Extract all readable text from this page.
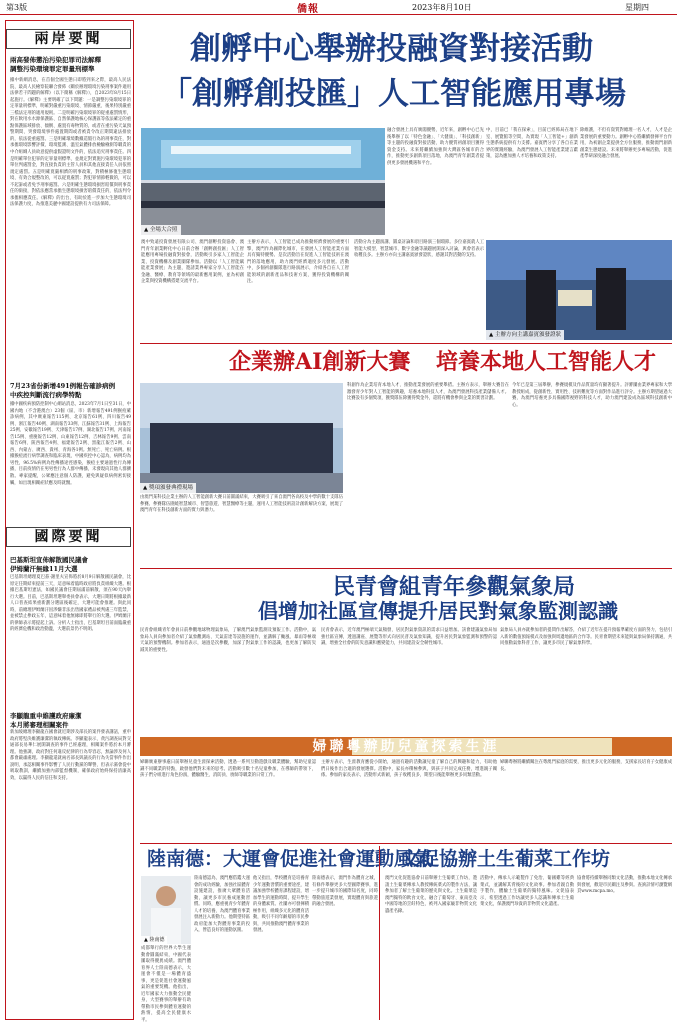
第3版	僑報	2023年8月10日	星期四
兩岸要聞
兩高發佈懲治污染犯罪司法解釋
調整污染環境罪定罪量刑標準
據中新網消息，在首個全國生態日即將到來之際，最高人民法院、最高人民檢察院聯合發佈《關於辦理環境污染刑事案件適用法律若干問題的解釋》（以下簡稱《解釋》），自2023年8月15日起施行。《解釋》主要明確了以下問題：一是調整污染環境罪的定罪量刑標準，明確對嚴重污染環境、情節嚴重、後果特別嚴重三檔法定刑的適用規則。二是明確污染環境罪的從重處罰情形，對在飲用水水源保護區、自然保護地核心保護區等依法確定的重點保護區域排放、傾倒、處置有毒物質的，或者在重污染天氣預警期間、突發環境事件處置期間或者被責令改正期間違法排放的，依法從重處罰。三是明確環境數據造假行為的刑事責任，對承擔環境影響評價、環境監測、溫室氣體排放檢驗檢測等職責的中介組織人員故意提供虛假證明文件的，依法追究刑事責任。四是明確單位犯罪的定罪量刑標準，並規定對實施污染環境犯罪的單位判處罰金，對直接負責的主管人員和其他直接責任人員依照規定處罰。五是明確寬嚴相濟的刑事政策，對積極修復生態環境、有效合規整改的，可以從寬處罰；對犯罪情節輕微的，可以不起訴或者免予刑事處罰。六是明確生態環境損害賠償與刑事責任的銜接，對依法應當承擔生態環境損害賠償責任的，依法判令承擔相應責任。《解釋》的出台，有助於進一步加大生態環境司法保護力度，為推進美麗中國建設提供有力司法保障。
7月23省份新增491例報告確診病例
中疾控判斷流行病學特點
據中國疾病預防控制中心網站消息，2023年7月1日至31日，中國內地（不含港澳台）23個（區、市）新增報告491例猴痘確診病例，其中廣東報告115例、北京報告61例、四川報告49例、浙江報告40例、湖南報告33例、江蘇報告31例、上海報告25例、安徽報告19例、天津報告17例、湖北報告17例、河南報告15例、重慶報告12例、山東報告12例、吉林報告9例、雲南報告6例、陝西報告4例、福建報告2例、黑龍江報告2例、山西、內蒙古、廣西、貴州、青海各1例。無死亡、死亡病例。根據猴痘流行病學調查和臨床表現，中國疾控中心認為，病例均為男性，96.5%病例為性傳播途徑感染，猴痘主要通過性行為傳播，目前疫情仍在男男性行為人群中傳播，未發現向其他人群擴散。專家提醒，公眾應注意個人防護，避免與疑似病例密切接觸，如出現相關症狀應及時就醫。
國際要聞
巴基斯坦宣佈解散國民議會
伊姆蘭汗無緣11月大選
巴基斯坦總理夏巴茲·謝里夫宣佈將於8月9日解散國民議會，比原定任期結束提前三天，這意味着臨時政府將負責組織大選。根據巴基斯坦憲法，如國民議會任期屆滿前解散，須在90天內舉行大選。目前，巴基斯坦選舉委員會表示，大選日期將根據最新人口普查結果重新劃分選區後確定，大選可能會推遲。與此同時，前總理伊姆蘭汗因涉嫌非法出售國家禮品被判處三年監禁，並被禁止參政五年，這意味着他無緣即將舉行的大選。伊姆蘭汗的律師表示將提起上訴。分析人士指出，巴基斯坦目前面臨嚴重的經濟危機和政治動盪，大選前景仍不明朗。
李顯龍重申維護政府廉潔
本月將審理相關案件
新加坡總理李顯龍在國會就近期涉及部長的案件發表講話，重申政府將堅決維護廉潔的執政傳統。李顯龍表示，貪污調查局對交通部長易華仁展開調查的事件已經處理，相關案件將於本月審理。他強調，政府對任何違反紀律的行為零容忍，無論涉及何人都會嚴肅處理。李顯龍還就兩名部長與議長的行為失當事件作出說明，承認相關事件影響了人民行動黨的聲譽，但表示黨會從中吸取教訓，繼續加強內部監督機制，確保政府始終保持清廉高效，以贏得人民的信任和支持。
創孵中心舉辦投融資對接活動
「創孵創投匯」人工智能應用專場
▲ 全場大合照
融合發展上具有廣闊優勢，近年來，創孵中心已先後舉辦了以「特色金融」、「大健康」、「科技創新」等主題的投融資對接活動，助力優質初創項目獲得資金支持。未來將繼續加強與大灣區各城市的合作，推動更多創新項目落地，為澳門青年創業者提供更多發展機遇和平台。
中，目前已「我在探索」，目前已經佈局在地下室、展覽館等空間，為實現「人工智能+」創新生態系統提供有力支撐。嘉賓們分享了各自在業界的實踐經驗，為澳門發展人工智能產業建言獻策，認為應加強人才培養和政策支持。
除維護，不但有資質對總理一名人才，人才是企業發展的重要動力。創孵中心將繼續發揮平台作用，為初創企業提供全方位服務，推動澳門創新創業生態建設。未來將舉辦更多專場活動，促進產學研深度融合發展。
澳中致遠投資發展有限公司、澳門創孵投資協會、澳門青年創業孵化中心日前合辦「創孵創投匯」人工智能應用專場投融資對接會，活動吸引多家人工智能企業、投資機構及創業團隊參加。活動以「人工智能賦能產業發展」為主題，邀請業界專家分享人工智能在金融、醫療、教育等領域的最新應用案例，並為初創企業與投資機構搭建交流平台。
主辦方表示，人工智能已成為推動經濟發展的重要引擎，澳門作為國際化城市，在發展人工智能產業方面具有獨特優勢。是次活動旨在促進人工智能技術在澳門的落地應用，助力澳門經濟適度多元發展。活動中，多個初創團隊進行路演展示，介紹各自在人工智能領域的創新產品和技術方案，獲得投資機構的關注。
活動分為主題演講、圓桌討論和項目路演三個環節。多位嘉賓就人工智能大模型、智慧城市、數字金融等議題展開深入討論，與會者表示收穫良多。主辦方亦向主講嘉賓頒發證狀，感謝其對活動的支持。
▲ 主辦方向主講嘉賓頒發證狀
企業辦AI創新大賽 培養本地人工智能人才
▲ 獎項頒發典禮現場
由澳門某科技企業主辦的人工智能創新大賽日前圓滿結束，大賽吸引了來自澳門各高校及中學的數十支隊伍參賽。參賽隊伍圍繞智慧城市、智慧旅遊、智慧醫療等主題，運用人工智能技術設計創新解決方案，展現了澳門青年在科技創新方面的實力與潛力。
科創作為企業培育本地人才、推動產業發展的重要舉措。主辦方表示，舉辦大賽旨在激發青少年對人工智能的興趣，培養本地科技人才，為澳門發展科技產業儲備人才。比賽設有多個獎項，獲獎隊伍除獲得獎金外，還將有機會參與企業的實習計劃。
今年已是第三屆舉辦，參賽規模及作品質量均有顯著提升。評審團由業界專家和大學教授組成，從創新性、實用性、技術難度等方面對作品進行評分。主辦方期望通過大賽，為澳門培養更多具備國際視野的科技人才，助力澳門建設成為區域科技創新中心。
民青會組青年參觀氣象局
倡增加社區宣傳提升居民對氣象監測認識
民青會組織青年會員日前參觀地球物理氣象局，了解澳門氣象監測及預報工作。活動中，氣象局人員向參加者介紹了氣象觀測站、天氣雷達等設施的運作，並講解了颱風、暴雨等極端天氣的預警機制。參加者表示，通過是次參觀，加深了對氣象工作的認識，也更加了解防災減災的重要性。
民青會表示，近年澳門極端天氣頻發，居民對氣象資訊的需求日益增加。該會建議氣象局加強社區宣傳，透過講座、展覽等形式向居民普及氣象知識，提升居民對氣象監測和預警的認識，增強全社會的防災意識和應變能力，共同建設安全韌性城市。
氣象局人員亦就參加者的提問作出解答，介紹了近年在提升預報準確度方面的努力，包括引入新的數值預報模式及加強與周邊地區的合作等。民青會期望未來能與氣象局保持溝通，共同推動氣象科普工作，讓更多市民了解氣象科學。
婦聯粵辦助兒童探索生涯
婦聯廣東辦事處日前舉辦兒童生涯探索活動，透過一系列互動遊戲及職業體驗，幫助兒童認識不同職業的特點，啟發他們對未來的思考。活動吸引數十名兒童參加，在導師的帶領下，孩子們分組進行角色扮演，體驗醫生、消防員、廚師等職業的日常工作。
主辦方表示，生涯教育應從小開始，通過有趣的活動讓兒童了解自己的興趣和能力，有助他們日後作出合適的發展選擇。活動中，家長亦積極參與，與孩子共同完成任務，增進親子關係。參加的家長表示，活動形式新穎，孩子收穫良多，期望日後能舉辦更多同類活動。
婦聯粵辦將繼續關注在粵澳門家庭的需要，推出更多元化的服務，支援家長培育子女健康成長。
陸南德：大運會促進社會運動風氣
▲ 陸南德
成都舉行的世界大學生運動會圓滿結束，中國代表團取得優異成績。澳門體育界人士陸南德表示，大運會不僅是一場體育盛事，更是促進社會運動風氣的重要契機。他指出，近年國家大力推動全民健身，大型賽事的舉辦有助帶動市民參與體育運動的熱情，提高全民健康水平。
陸南德認為，澳門應借鑑大運會的成功經驗，加強社區體育設施建設，推廣大眾體育活動，讓更多市民養成運動習慣。同時，應重視青少年體育人才的培養，為澳門體育事業發展注入新動力。他期望特區政府能加大對體育事業的投入，營造良好的運動氛圍。
他又指出，學校體育是培養青少年運動習慣的重要途徑，建議加強學校體育課程建設，增加學生的運動時間，提升學生的身體素質。社團亦可發揮積極作用，組織多元化的體育活動，吸引不同年齡層的市民參與，共同推動澳門體育事業的發展。
陸南德表示，澳門作為體育之城，有條件舉辦更多大型國際賽事，進一步提升城市的國際知名度，同時帶動旅遊業發展，實現體育與旅遊的融合發展。
文促協辦土生葡菜工作坊
澳門文化促進協會日前舉辦土生葡菜工作坊，邀請土生葡菜傳承人教授傳統菜式的製作方法，讓參加者了解土生葡菜的歷史與文化。土生葡菜是澳門獨特的飲食文化，融合了葡萄牙、東南亞及中國等地的烹飪特色，被列入國家級非物質文化遺產名錄。
活動中，傳承人示範製作了免治、葡國雞等經典菜式，並講解其背後的文化故事。參加者親自動手製作，體驗土生葡菜的獨特風味。文促協表示，希望透過工作坊讓更多人認識和傳承土生葡菜文化，保護澳門珍貴的非物質文化遺產。
協會將持續舉辦同類文化活動，推動本地文化傳承與發展，歡迎市民關注及參與。查詢詳情可瀏覽網頁www.mcpa.mo。
